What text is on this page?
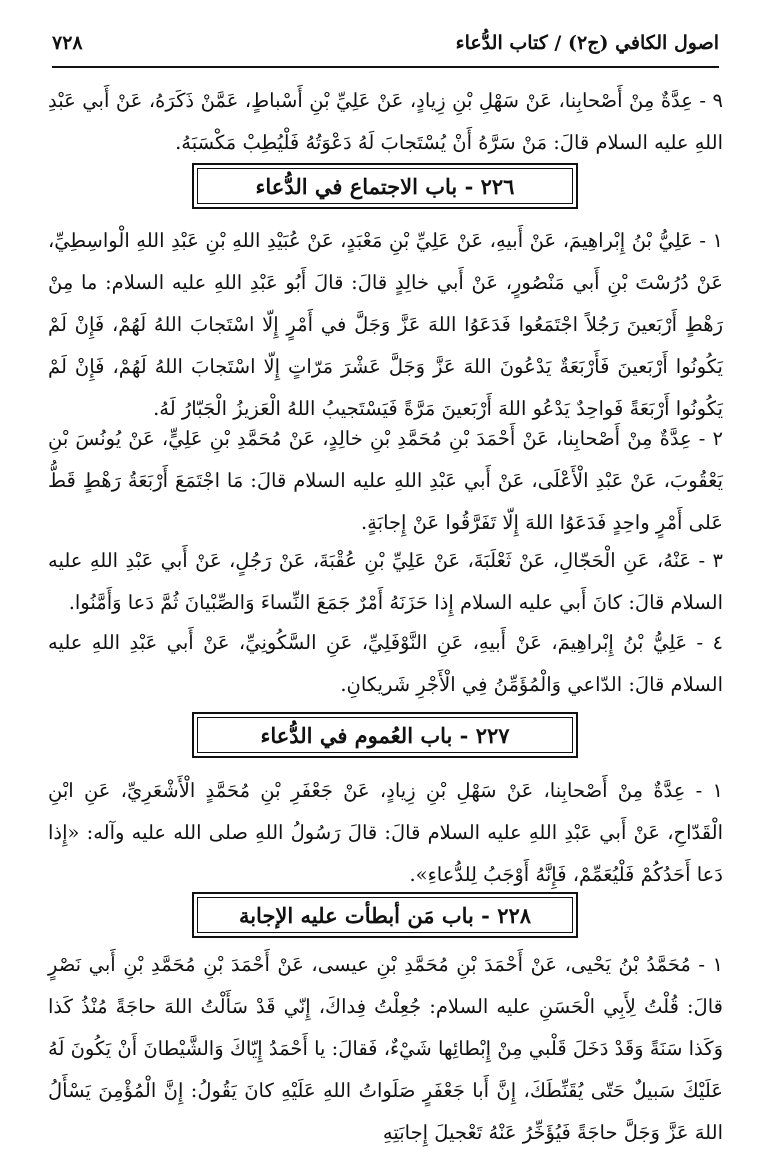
اصول الكافي (ج٢) / كتاب الدُّعاء
٧٢٨
٩ - عِدَّةٌ مِنْ أَصْحابِنا، عَنْ سَهْلِ بْنِ زِيادٍ، عَنْ عَلِيِّ بْنِ أَسْباطٍ، عَمَّنْ ذَكَرَهُ، عَنْ أَبي عَبْدِ اللهِ عليه السلام قالَ: مَنْ سَرَّهُ أَنْ يُسْتَجابَ لَهُ دَعْوَتُهُ فَلْيُطِبْ مَكْسَبَهُ.
٢٢٦ - باب الاجتماع في الدُّعاء
١ - عَلِيُّ بْنُ إِبْراهِيمَ، عَنْ أَبيهِ، عَنْ عَلِيِّ بْنِ مَعْبَدٍ، عَنْ عُبَيْدِ اللهِ بْنِ عَبْدِ اللهِ الْواسِطِيِّ، عَنْ دُرُسْتَ بْنِ أَبي مَنْصُورٍ، عَنْ أَبي خالِدٍ قالَ: قالَ أَبُو عَبْدِ اللهِ عليه السلام: ما مِنْ رَهْطٍ أَرْبَعينَ رَجُلاً اجْتَمَعُوا فَدَعَوُا اللهَ عَزَّ وَجَلَّ في أَمْرٍ إِلّا اسْتَجابَ اللهُ لَهُمْ، فَإِنْ لَمْ يَكُونُوا أَرْبَعينَ فَأَرْبَعَةٌ يَدْعُونَ اللهَ عَزَّ وَجَلَّ عَشْرَ مَرّاتٍ إِلّا اسْتَجابَ اللهُ لَهُمْ، فَإِنْ لَمْ يَكُونُوا أَرْبَعَةً فَواحِدٌ يَدْعُو اللهَ أَرْبَعينَ مَرَّةً فَيَسْتَجيبُ اللهُ الْعَزيزُ الْجَبّارُ لَهُ.
٢ - عِدَّةٌ مِنْ أَصْحابِنا، عَنْ أَحْمَدَ بْنِ مُحَمَّدِ بْنِ خالِدٍ، عَنْ مُحَمَّدِ بْنِ عَلِيٍّ، عَنْ يُونُسَ بْنِ يَعْقُوبَ، عَنْ عَبْدِ الْأَعْلَى، عَنْ أَبي عَبْدِ اللهِ عليه السلام قالَ: مَا اجْتَمَعَ أَرْبَعَةُ رَهْطٍ قَطُّ عَلى أَمْرٍ واحِدٍ فَدَعَوُا اللهَ إِلّا تَفَرَّقُوا عَنْ إِجابَةٍ.
٣ - عَنْهُ، عَنِ الْحَجّالِ، عَنْ ثَعْلَبَةَ، عَنْ عَلِيِّ بْنِ عُقْبَةَ، عَنْ رَجُلٍ، عَنْ أَبي عَبْدِ اللهِ عليه السلام قالَ: كانَ أَبي عليه السلام إِذا حَزَنَهُ أَمْرٌ جَمَعَ النِّساءَ وَالصِّبْيانَ ثُمَّ دَعا وَأَمَّنُوا.
٤ - عَلِيُّ بْنُ إِبْراهِيمَ، عَنْ أَبيهِ، عَنِ النَّوْفَلِيِّ، عَنِ السَّكُونِيِّ، عَنْ أَبي عَبْدِ اللهِ عليه السلام قالَ: الدّاعي وَالْمُؤَمِّنُ فِي الْأَجْرِ شَريكانِ.
٢٢٧ - باب العُموم في الدُّعاء
١ - عِدَّةٌ مِنْ أَصْحابِنا، عَنْ سَهْلِ بْنِ زِيادٍ، عَنْ جَعْفَرِ بْنِ مُحَمَّدٍ الْأَشْعَرِيِّ، عَنِ ابْنِ الْقَدّاحِ، عَنْ أَبي عَبْدِ اللهِ عليه السلام قالَ: قالَ رَسُولُ اللهِ صلى الله عليه وآله: «إِذا دَعا أَحَدُكُمْ فَلْيُعَمِّمْ، فَإِنَّهُ أَوْجَبُ لِلدُّعاءِ».
٢٢٨ - باب مَن أبطأت عليه الإجابة
١ - مُحَمَّدُ بْنُ يَحْيى، عَنْ أَحْمَدَ بْنِ مُحَمَّدِ بْنِ عيسى، عَنْ أَحْمَدَ بْنِ مُحَمَّدِ بْنِ أَبي نَصْرٍ قالَ: قُلْتُ لِأَبِي الْحَسَنِ عليه السلام: جُعِلْتُ فِداكَ، إِنّي قَدْ سَأَلْتُ اللهَ حاجَةً مُنْذُ كَذا وَكَذا سَنَةً وَقَدْ دَخَلَ قَلْبي مِنْ إِبْطائِها شَيْءٌ، فَقالَ: يا أَحْمَدُ إِيّاكَ وَالشَّيْطانَ أَنْ يَكُونَ لَهُ عَلَيْكَ سَبيلٌ حَتّى يُقَنِّطَكَ، إِنَّ أَبا جَعْفَرٍ صَلَواتُ اللهِ عَلَيْهِ كانَ يَقُولُ: إِنَّ الْمُؤْمِنَ يَسْأَلُ اللهَ عَزَّ وَجَلَّ حاجَةً فَيُؤَخِّرُ عَنْهُ تَعْجيلَ إِجابَتِهِ
